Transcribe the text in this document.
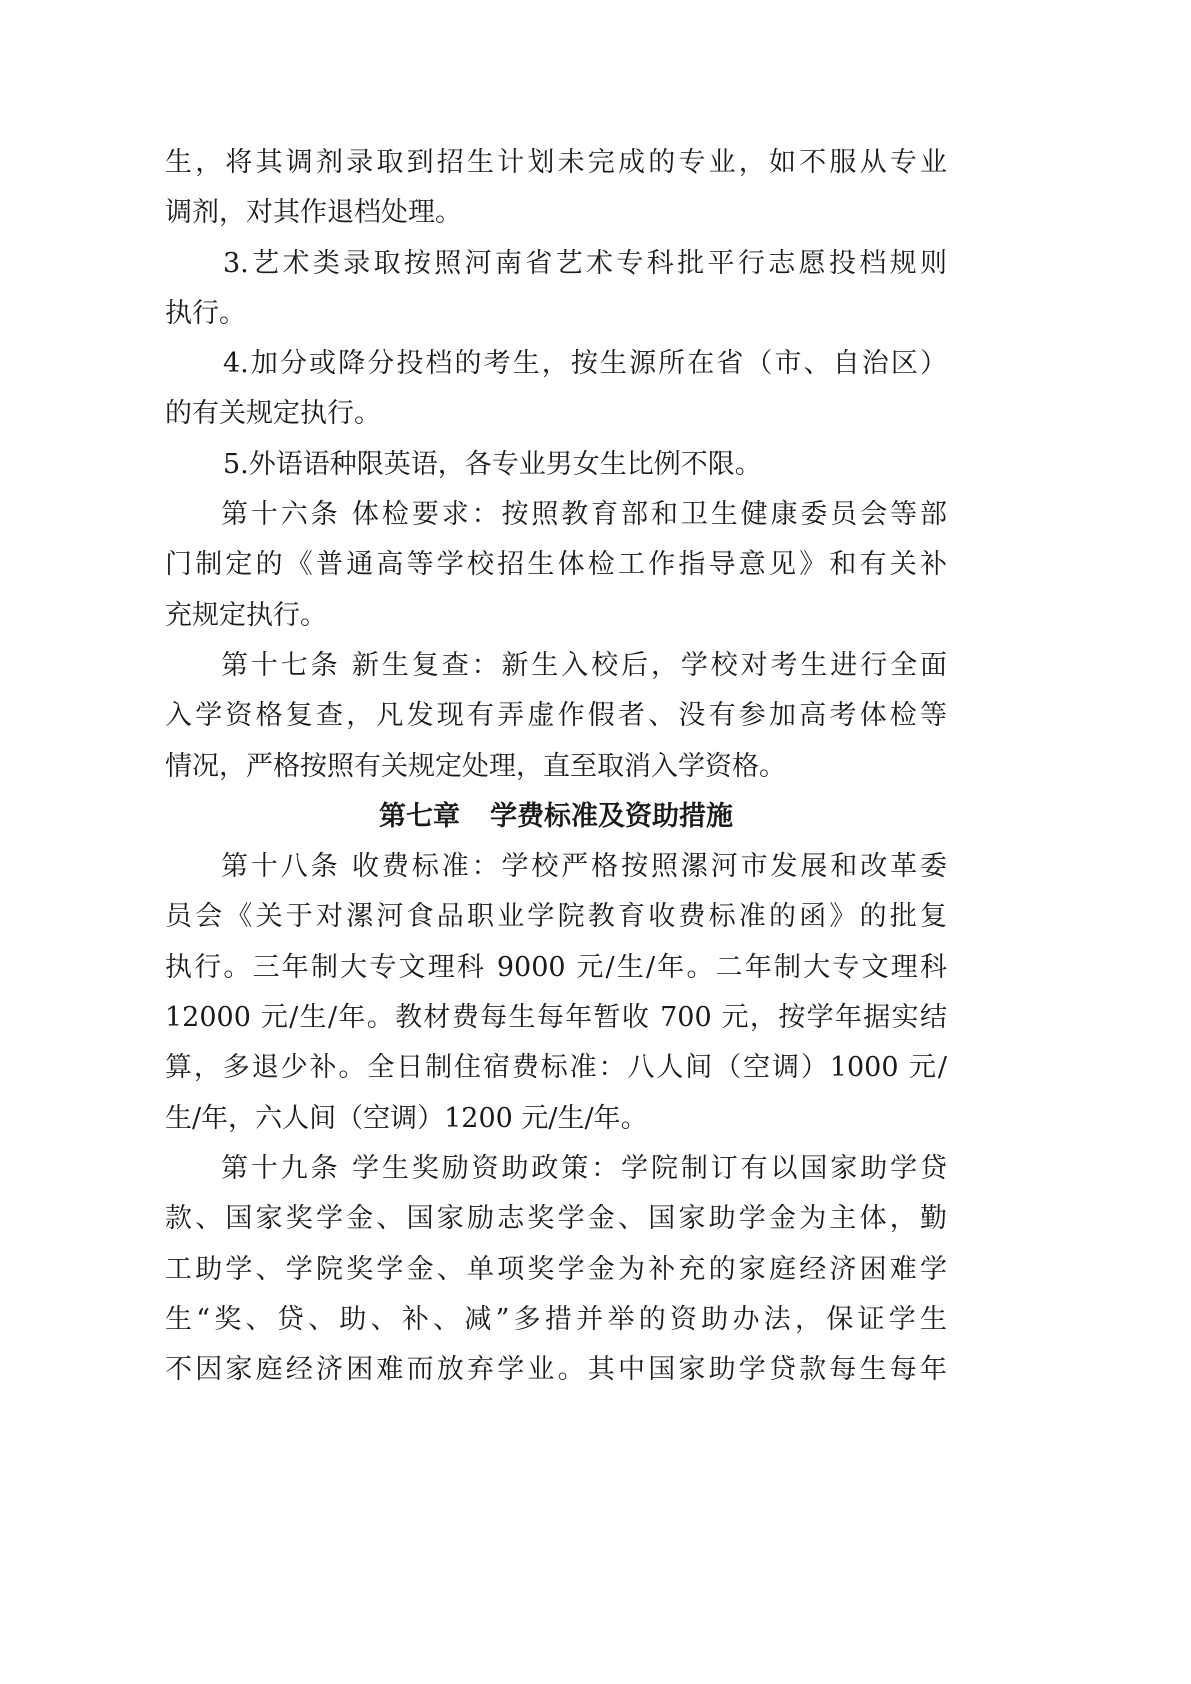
生，将其调剂录取到招生计划未完成的专业，如不服从专业
调剂，对其作退档处理。
3.艺术类录取按照河南省艺术专科批平行志愿投档规则
执行。
4.加分或降分投档的考生，按生源所在省（市、自治区）
的有关规定执行。
5.外语语种限英语，各专业男女生比例不限。
第十六条 体检要求：按照教育部和卫生健康委员会等部
门制定的《普通高等学校招生体检工作指导意见》和有关补
充规定执行。
第十七条 新生复查：新生入校后，学校对考生进行全面
入学资格复查，凡发现有弄虚作假者、没有参加高考体检等
情况，严格按照有关规定处理，直至取消入学资格。
第七章 学费标准及资助措施
第十八条 收费标准：学校严格按照漯河市发展和改革委
员会《关于对漯河食品职业学院教育收费标准的函》的批复
执行。三年制大专文理科 9000 元/生/年。二年制大专文理科
12000 元/生/年。教材费每生每年暂收 700 元，按学年据实结
算，多退少补。全日制住宿费标准：八人间（空调）1000 元/
生/年，六人间（空调）1200 元/生/年。
第十九条 学生奖励资助政策：学院制订有以国家助学贷
款、国家奖学金、国家励志奖学金、国家助学金为主体，勤
工助学、学院奖学金、单项奖学金为补充的家庭经济困难学
生“奖、贷、助、补、减”多措并举的资助办法，保证学生
不因家庭经济困难而放弃学业。其中国家助学贷款每生每年
